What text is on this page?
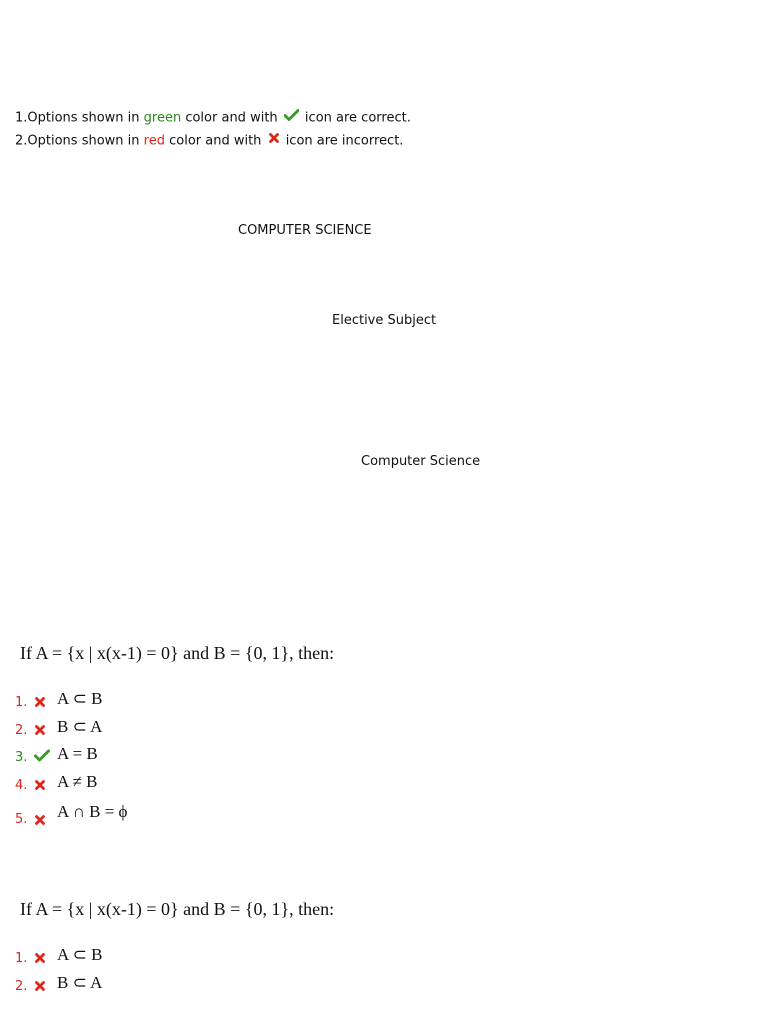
1.Options shown in green color and with  icon are correct.
2.Options shown in red color and with  icon are incorrect.
COMPUTER SCIENCE
Elective Subject
Computer Science
If A = {x | x(x-1) = 0} and B = {0, 1}, then:
1. A ⊂ B
2. B ⊂ A
3. A = B
4. A ≠ B
5. A ∩ B = ϕ
If A = {x | x(x-1) = 0} and B = {0, 1}, then:
1. A ⊂ B
2. B ⊂ A
